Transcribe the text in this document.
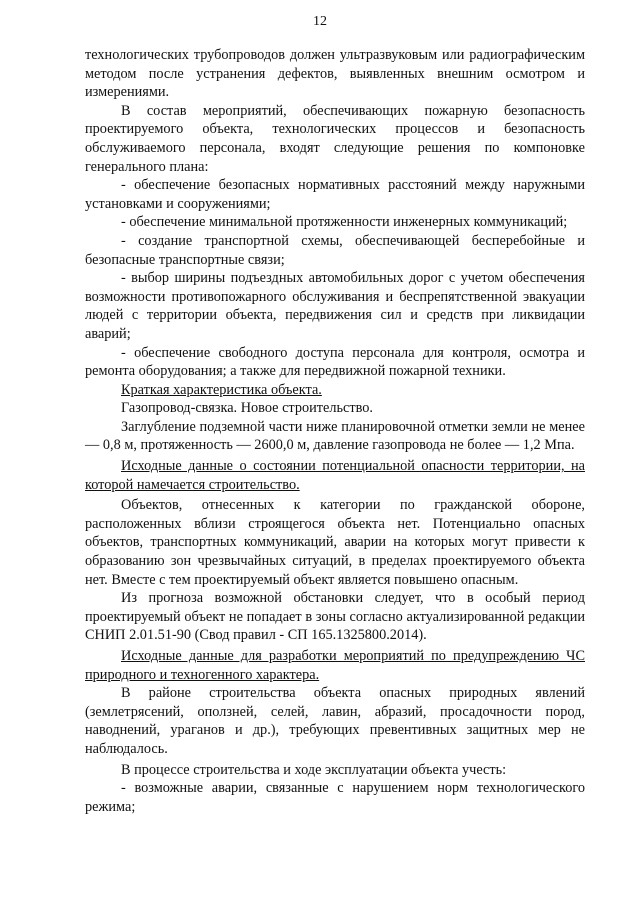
12

технологических трубопроводов должен ультразвуковым или радиографическим методом после устранения дефектов, выявленных внешним осмотром и измерениями.

В состав мероприятий, обеспечивающих пожарную безопасность проектируемого объекта, технологических процессов и безопасность обслуживаемого персонала, входят следующие решения по компоновке генерального плана:

- обеспечение безопасных нормативных расстояний между наружными установками и сооружениями;

- обеспечение минимальной протяженности инженерных коммуникаций;

- создание транспортной схемы, обеспечивающей бесперебойные и безопасные транспортные связи;

- выбор ширины подъездных автомобильных дорог с учетом обеспечения возможности противопожарного обслуживания и беспрепятственной эвакуации людей с территории объекта, передвижения сил и средств при ликвидации аварий;

- обеспечение свободного доступа персонала для контроля, осмотра и ремонта оборудования; а также для передвижной пожарной техники.

Краткая характеристика объекта.

Газопровод-связка. Новое строительство.

Заглубление подземной части ниже планировочной отметки земли не менее — 0,8 м, протяженность — 2600,0 м, давление газопровода не более — 1,2 Мпа.

Исходные данные о состоянии потенциальной опасности территории, на которой намечается строительство.

Объектов, отнесенных к категории по гражданской обороне, расположенных вблизи строящегося объекта нет. Потенциально опасных объектов, транспортных коммуникаций, аварии на которых могут привести к образованию зон чрезвычайных ситуаций, в пределах проектируемого объекта нет. Вместе с тем проектируемый объект является повышено опасным.

Из прогноза возможной обстановки следует, что в особый период проектируемый объект не попадает в зоны согласно актуализированной редакции СНИП 2.01.51-90 (Свод правил - СП 165.1325800.2014).

Исходные данные для разработки мероприятий по предупреждению ЧС природного и техногенного характера.

В районе строительства объекта опасных природных явлений (землетрясений, оползней, селей, лавин, абразий, просадочности пород, наводнений, ураганов и др.), требующих превентивных защитных мер не наблюдалось.

В процессе строительства и ходе эксплуатации объекта учесть:

- возможные аварии, связанные с нарушением норм технологического режима;
